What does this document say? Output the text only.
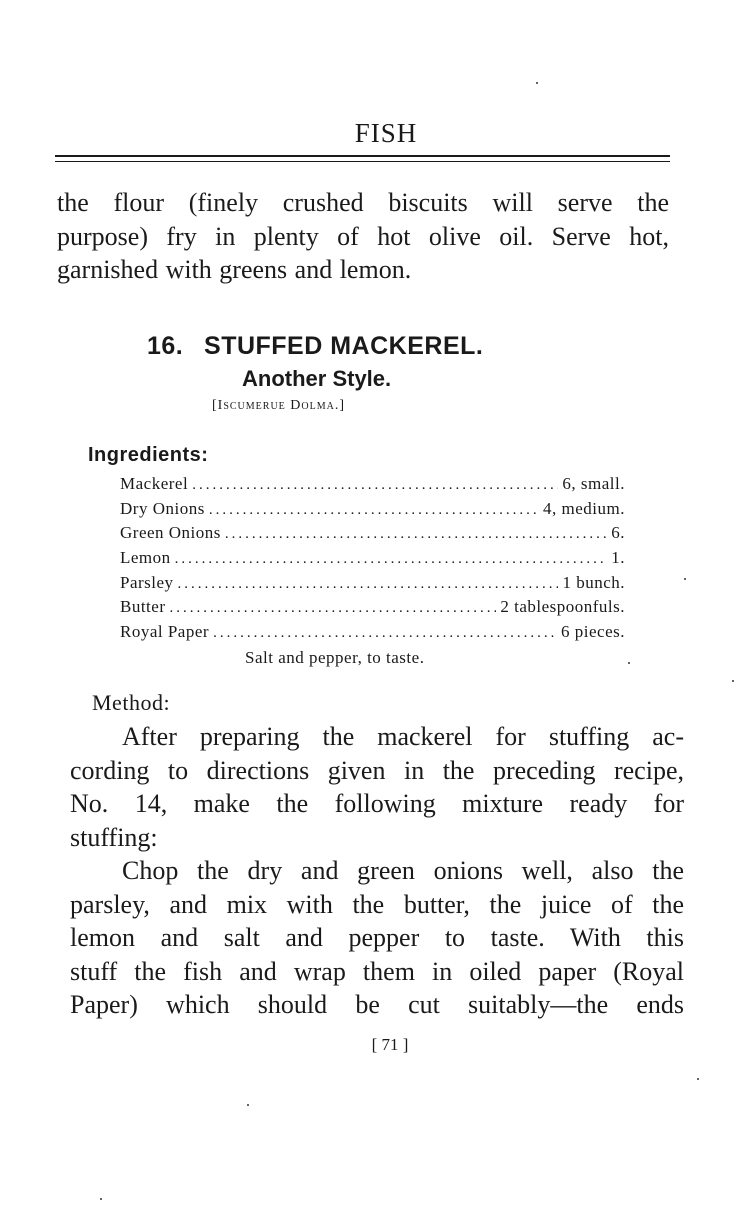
FISH
the flour (finely crushed biscuits will serve the
purpose) fry in plenty of hot olive oil. Serve hot,
garnished with greens and lemon.
16. STUFFED MACKEREL.
Another Style.
[Iscumerue Dolma.]
Ingredients:
Mackerel .....	6, small.
Dry Onions .....	4, medium.
Green Onions .....	6.
Lemon .....	1.
Parsley .....	1 bunch.
Butter .....	2 tablespoonfuls.
Royal Paper .....	6 pieces.
Salt and pepper, to taste.
Method:
After preparing the mackerel for stuffing ac-
cording to directions given in the preceding recipe,
No. 14, make the following mixture ready for
stuffing:
Chop the dry and green onions well, also the
parsley, and mix with the butter, the juice of the
lemon and salt and pepper to taste. With this
stuff the fish and wrap them in oiled paper (Royal
Paper) which should be cut suitably—the ends
[ 71 ]
